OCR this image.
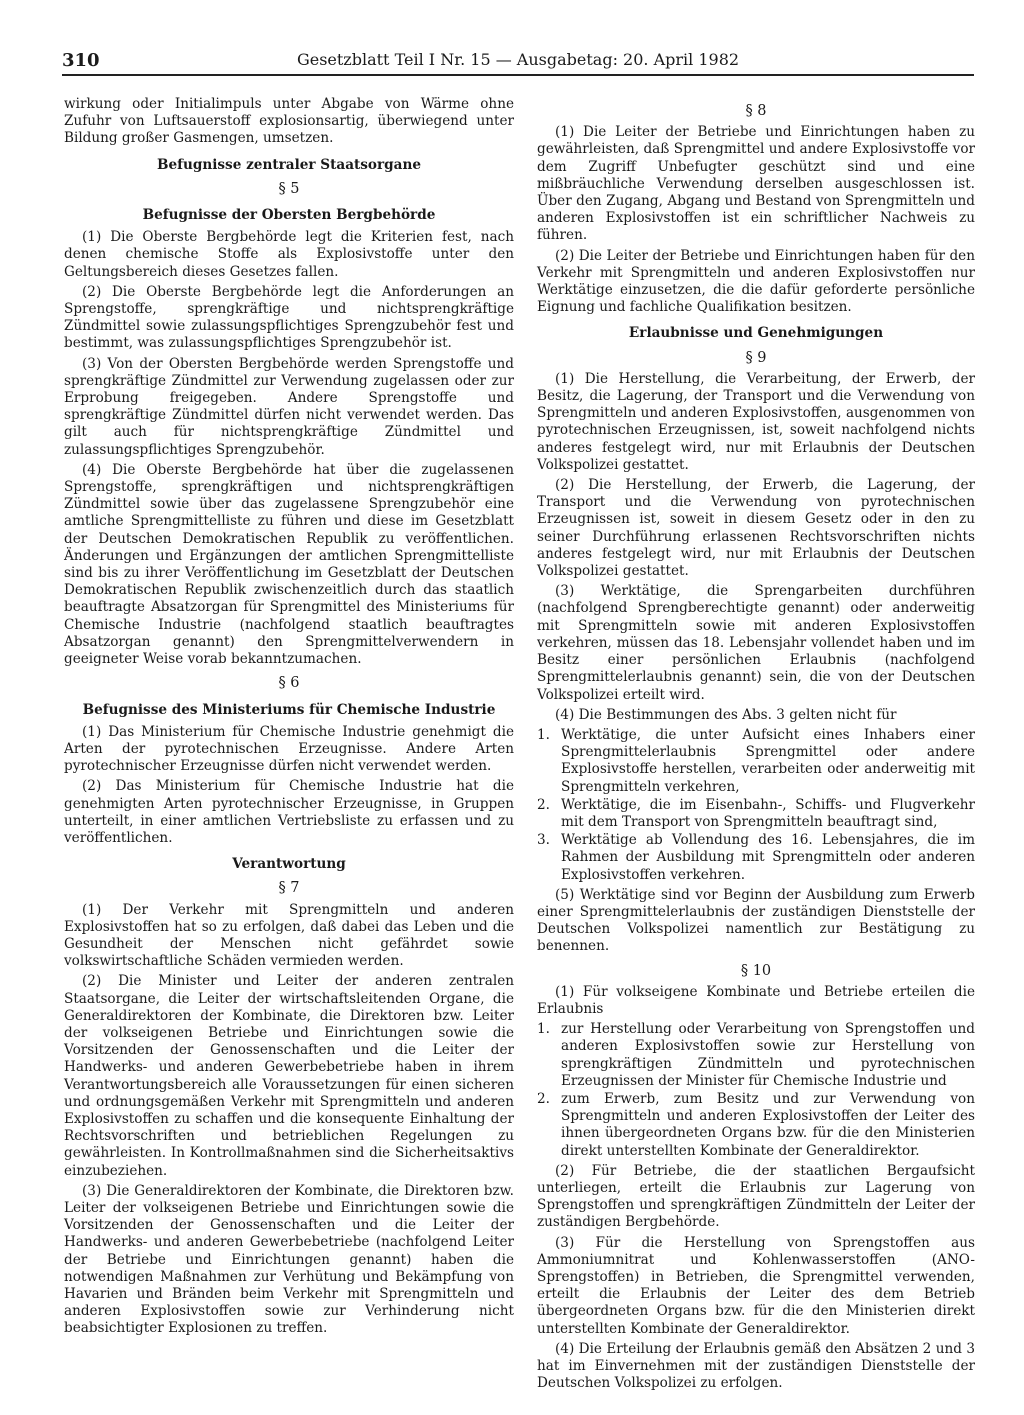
310	Gesetzblatt Teil I Nr. 15 — Ausgabetag: 20. April 1982

wirkung oder Initialimpuls unter Abgabe von Wärme ohne Zufuhr von Luftsauerstoff explosionsartig, überwiegend unter Bildung großer Gasmengen, umsetzen.

Befugnisse zentraler Staatsorgane
§ 5
Befugnisse der Obersten Bergbehörde

(1) Die Oberste Bergbehörde legt die Kriterien fest, nach denen chemische Stoffe als Explosivstoffe unter den Geltungsbereich dieses Gesetzes fallen.

(2) Die Oberste Bergbehörde legt die Anforderungen an Sprengstoffe, sprengkräftige und nichtsprengkräftige Zündmittel sowie zulassungspflichtiges Sprengzubehör fest und bestimmt, was zulassungspflichtiges Sprengzubehör ist.

(3) Von der Obersten Bergbehörde werden Sprengstoffe und sprengkräftige Zündmittel zur Verwendung zugelassen oder zur Erprobung freigegeben. Andere Sprengstoffe und sprengkräftige Zündmittel dürfen nicht verwendet werden. Das gilt auch für nichtsprengkräftige Zündmittel und zulassungspflichtiges Sprengzubehör.

(4) Die Oberste Bergbehörde hat über die zugelassenen Sprengstoffe, sprengkräftigen und nichtsprengkräftigen Zündmittel sowie über das zugelassene Sprengzubehör eine amtliche Sprengmittelliste zu führen und diese im Gesetzblatt der Deutschen Demokratischen Republik zu veröffentlichen. Änderungen und Ergänzungen der amtlichen Sprengmittelliste sind bis zu ihrer Veröffentlichung im Gesetzblatt der Deutschen Demokratischen Republik zwischenzeitlich durch das staatlich beauftragte Absatzorgan für Sprengmittel des Ministeriums für Chemische Industrie (nachfolgend staatlich beauftragtes Absatzorgan genannt) den Sprengmittelverwendern in geeigneter Weise vorab bekanntzumachen.

§ 6
Befugnisse des Ministeriums für Chemische Industrie

(1) Das Ministerium für Chemische Industrie genehmigt die Arten der pyrotechnischen Erzeugnisse. Andere Arten pyrotechnischer Erzeugnisse dürfen nicht verwendet werden.

(2) Das Ministerium für Chemische Industrie hat die genehmigten Arten pyrotechnischer Erzeugnisse, in Gruppen unterteilt, in einer amtlichen Vertriebsliste zu erfassen und zu veröffentlichen.

Verantwortung
§ 7

(1) Der Verkehr mit Sprengmitteln und anderen Explosivstoffen hat so zu erfolgen, daß dabei das Leben und die Gesundheit der Menschen nicht gefährdet sowie volkswirtschaftliche Schäden vermieden werden.

(2) Die Minister und Leiter der anderen zentralen Staatsorgane, die Leiter der wirtschaftsleitenden Organe, die Generaldirektoren der Kombinate, die Direktoren bzw. Leiter der volkseigenen Betriebe und Einrichtungen sowie die Vorsitzenden der Genossenschaften und die Leiter der Handwerks- und anderen Gewerbebetriebe haben in ihrem Verantwortungsbereich alle Voraussetzungen für einen sicheren und ordnungsgemäßen Verkehr mit Sprengmitteln und anderen Explosivstoffen zu schaffen und die konsequente Einhaltung der Rechtsvorschriften und betrieblichen Regelungen zu gewährleisten. In Kontrollmaßnahmen sind die Sicherheitsaktivs einzubeziehen.

(3) Die Generaldirektoren der Kombinate, die Direktoren bzw. Leiter der volkseigenen Betriebe und Einrichtungen sowie die Vorsitzenden der Genossenschaften und die Leiter der Handwerks- und anderen Gewerbebetriebe (nachfolgend Leiter der Betriebe und Einrichtungen genannt) haben die notwendigen Maßnahmen zur Verhütung und Bekämpfung von Havarien und Bränden beim Verkehr mit Sprengmitteln und anderen Explosivstoffen sowie zur Verhinderung nicht beabsichtigter Explosionen zu treffen.

§ 8

(1) Die Leiter der Betriebe und Einrichtungen haben zu gewährleisten, daß Sprengmittel und andere Explosivstoffe vor dem Zugriff Unbefugter geschützt sind und eine mißbräuchliche Verwendung derselben ausgeschlossen ist. Über den Zugang, Abgang und Bestand von Sprengmitteln und anderen Explosivstoffen ist ein schriftlicher Nachweis zu führen.

(2) Die Leiter der Betriebe und Einrichtungen haben für den Verkehr mit Sprengmitteln und anderen Explosivstoffen nur Werktätige einzusetzen, die die dafür geforderte persönliche Eignung und fachliche Qualifikation besitzen.

Erlaubnisse und Genehmigungen
§ 9

(1) Die Herstellung, die Verarbeitung, der Erwerb, der Besitz, die Lagerung, der Transport und die Verwendung von Sprengmitteln und anderen Explosivstoffen, ausgenommen von pyrotechnischen Erzeugnissen, ist, soweit nachfolgend nichts anderes festgelegt wird, nur mit Erlaubnis der Deutschen Volkspolizei gestattet.

(2) Die Herstellung, der Erwerb, die Lagerung, der Transport und die Verwendung von pyrotechnischen Erzeugnissen ist, soweit in diesem Gesetz oder in den zu seiner Durchführung erlassenen Rechtsvorschriften nichts anderes festgelegt wird, nur mit Erlaubnis der Deutschen Volkspolizei gestattet.

(3) Werktätige, die Sprengarbeiten durchführen (nachfolgend Sprengberechtigte genannt) oder anderweitig mit Sprengmitteln sowie mit anderen Explosivstoffen verkehren, müssen das 18. Lebensjahr vollendet haben und im Besitz einer persönlichen Erlaubnis (nachfolgend Sprengmittelerlaubnis genannt) sein, die von der Deutschen Volkspolizei erteilt wird.

(4) Die Bestimmungen des Abs. 3 gelten nicht für

1. Werktätige, die unter Aufsicht eines Inhabers einer Sprengmittelerlaubnis Sprengmittel oder andere Explosivstoffe herstellen, verarbeiten oder anderweitig mit Sprengmitteln verkehren,
2. Werktätige, die im Eisenbahn-, Schiffs- und Flugverkehr mit dem Transport von Sprengmitteln beauftragt sind,
3. Werktätige ab Vollendung des 16. Lebensjahres, die im Rahmen der Ausbildung mit Sprengmitteln oder anderen Explosivstoffen verkehren.

(5) Werktätige sind vor Beginn der Ausbildung zum Erwerb einer Sprengmittelerlaubnis der zuständigen Dienststelle der Deutschen Volkspolizei namentlich zur Bestätigung zu benennen.

§ 10

(1) Für volkseigene Kombinate und Betriebe erteilen die Erlaubnis

1. zur Herstellung oder Verarbeitung von Sprengstoffen und anderen Explosivstoffen sowie zur Herstellung von sprengkräftigen Zündmitteln und pyrotechnischen Erzeugnissen der Minister für Chemische Industrie und
2. zum Erwerb, zum Besitz und zur Verwendung von Sprengmitteln und anderen Explosivstoffen der Leiter des ihnen übergeordneten Organs bzw. für die den Ministerien direkt unterstellten Kombinate der Generaldirektor.

(2) Für Betriebe, die der staatlichen Bergaufsicht unterliegen, erteilt die Erlaubnis zur Lagerung von Sprengstoffen und sprengkräftigen Zündmitteln der Leiter der zuständigen Bergbehörde.

(3) Für die Herstellung von Sprengstoffen aus Ammoniumnitrat und Kohlenwasserstoffen (ANO-Sprengstoffen) in Betrieben, die Sprengmittel verwenden, erteilt die Erlaubnis der Leiter des dem Betrieb übergeordneten Organs bzw. für die den Ministerien direkt unterstellten Kombinate der Generaldirektor.

(4) Die Erteilung der Erlaubnis gemäß den Absätzen 2 und 3 hat im Einvernehmen mit der zuständigen Dienststelle der Deutschen Volkspolizei zu erfolgen.
